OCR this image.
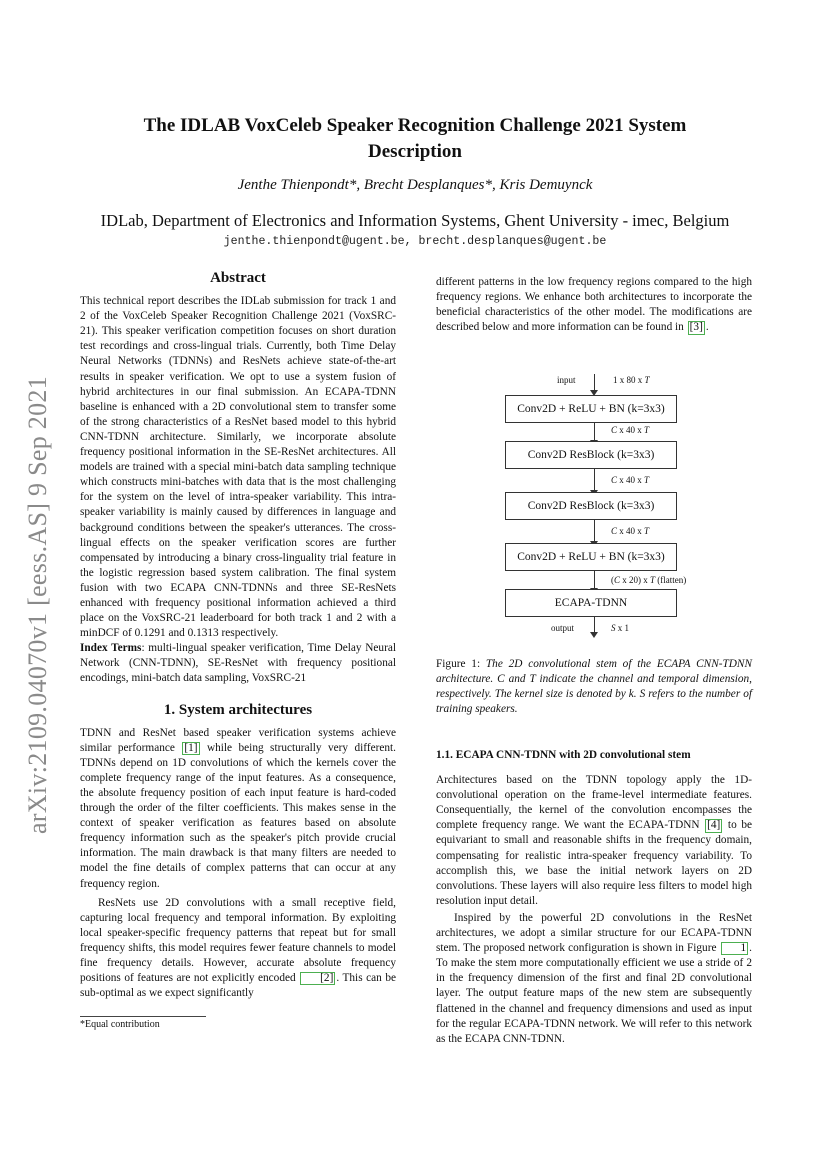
The IDLAB VoxCeleb Speaker Recognition Challenge 2021 System
Description
Jenthe Thienpondt*, Brecht Desplanques*, Kris Demuynck
IDLab, Department of Electronics and Information Systems, Ghent University - imec, Belgium
jenthe.thienpondt@ugent.be, brecht.desplanques@ugent.be
arXiv:2109.04070v1 [eess.AS] 9 Sep 2021
Abstract

This technical report describes the IDLab submission for track 1 and 2 of the VoxCeleb Speaker Recognition Challenge 2021 (VoxSRC-21). This speaker verification competition focuses on short duration test recordings and cross-lingual trials. Currently, both Time Delay Neural Networks (TDNNs) and ResNets achieve state-of-the-art results in speaker verification. We opt to use a system fusion of hybrid architectures in our final submission. An ECAPA-TDNN baseline is enhanced with a 2D convolutional stem to transfer some of the strong characteristics of a ResNet based model to this hybrid CNN-TDNN architecture. Similarly, we incorporate absolute frequency positional information in the SE-ResNet architectures. All models are trained with a special mini-batch data sampling technique which constructs mini-batches with data that is the most challenging for the system on the level of intra-speaker variability. This intra-speaker variability is mainly caused by differences in language and background conditions between the speaker's utterances. The cross-lingual effects on the speaker verification scores are further compensated by introducing a binary cross-linguality trial feature in the logistic regression based system calibration. The final system fusion with two ECAPA CNN-TDNNs and three SE-ResNets enhanced with frequency positional information achieved a third place on the VoxSRC-21 leaderboard for both track 1 and 2 with a minDCF of 0.1291 and 0.1313 respectively.

Index Terms: multi-lingual speaker verification, Time Delay Neural Network (CNN-TDNN), SE-ResNet with frequency positional encodings, mini-batch data sampling, VoxSRC-21

1. System architectures

TDNN and ResNet based speaker verification systems achieve similar performance [1] while being structurally very different. TDNNs depend on 1D convolutions of which the kernels cover the complete frequency range of the input features. As a consequence, the absolute frequency position of each input feature is hard-coded through the order of the filter coefficients. This makes sense in the context of speaker verification as features based on absolute frequency information such as the speaker's pitch provide crucial information. The main drawback is that many filters are needed to model the fine details of complex patterns that can occur at any frequency region.

ResNets use 2D convolutions with a small receptive field, capturing local frequency and temporal information. By exploiting local speaker-specific frequency patterns that repeat but for small frequency shifts, this model requires fewer feature channels to model fine frequency details. However, accurate absolute frequency positions of features are not explicitly encoded [2] . This can be sub-optimal as we expect significantly

*Equal contribution

different patterns in the low frequency regions compared to the high frequency regions. We enhance both architectures to incorporate the beneficial characteristics of the other model. The modifications are described below and more information can be found in [3] .

input	1 x 80 x T
Conv2D + ReLU + BN (k=3x3)
C x 40 x T
Conv2D ResBlock (k=3x3)
C x 40 x T
Conv2D ResBlock (k=3x3)
C x 40 x T
Conv2D + ReLU + BN (k=3x3)
(C x 20) x T (flatten)
ECAPA-TDNN
output	S x 1
Figure 1: The 2D convolutional stem of the ECAPA CNN-TDNN architecture. C and T indicate the channel and temporal dimension, respectively. The kernel size is denoted by k. S refers to the number of training speakers.
1.1. ECAPA CNN-TDNN with 2D convolutional stem

Architectures based on the TDNN topology apply the 1D-convolutional operation on the frame-level intermediate features. Consequentially, the kernel of the convolution encompasses the complete frequency range. We want the ECAPA-TDNN [4] to be equivariant to small and reasonable shifts in the frequency domain, compensating for realistic intra-speaker frequency variability. To accomplish this, we base the initial network layers on 2D convolutions. These layers will also require less filters to model high resolution input detail.

Inspired by the powerful 2D convolutions in the ResNet architectures, we adopt a similar structure for our ECAPA-TDNN stem. The proposed network configuration is shown in Figure 1 . To make the stem more computationally efficient we use a stride of 2 in the frequency dimension of the first and final 2D convolutional layer. The output feature maps of the new stem are subsequently flattened in the channel and frequency dimensions and used as input for the regular ECAPA-TDNN network. We will refer to this network as the ECAPA CNN-TDNN.
